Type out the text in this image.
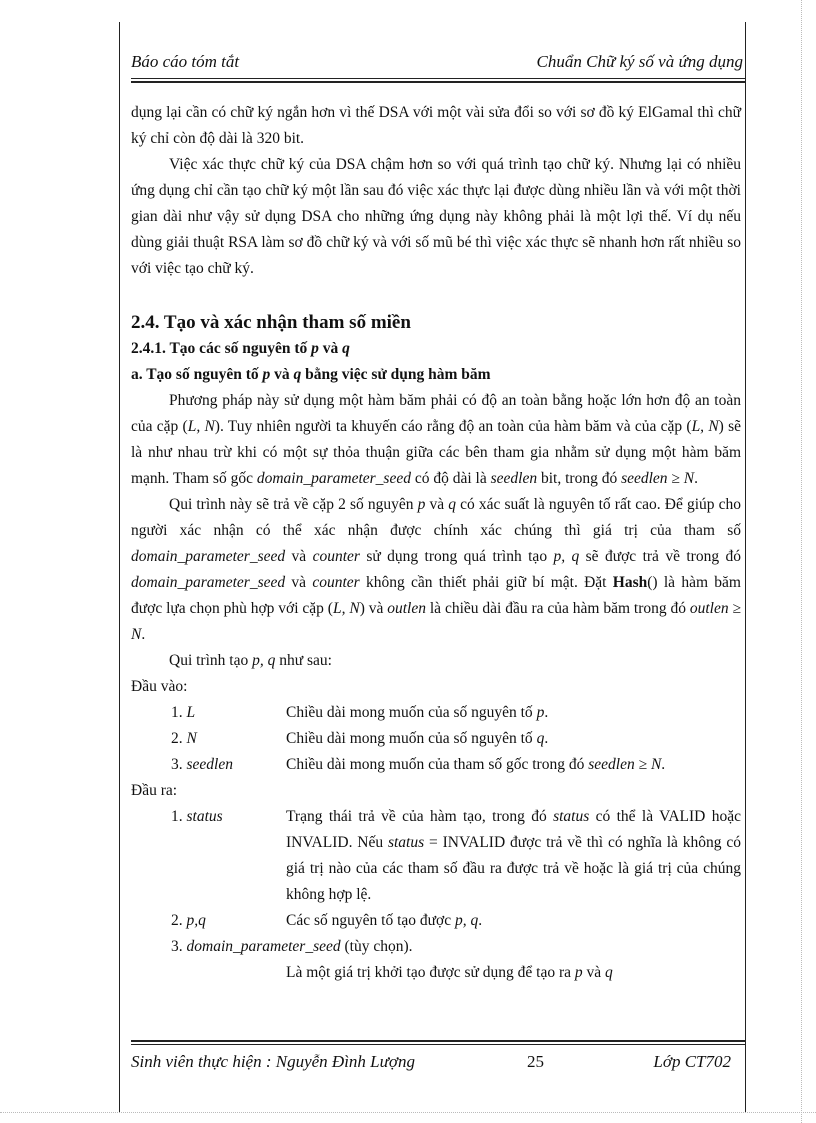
Báo cáo tóm tắt	Chuẩn Chữ ký số và ứng dụng

dụng lại cần có chữ ký ngắn hơn vì thế DSA với một vài sửa đổi so với sơ đồ ký ElGamal thì chữ ký chỉ còn độ dài là 320 bit.

Việc xác thực chữ ký của DSA chậm hơn so với quá trình tạo chữ ký. Nhưng lại có nhiều ứng dụng chỉ cần tạo chữ ký một lần sau đó việc xác thực lại được dùng nhiều lần và với một thời gian dài như vậy sử dụng DSA cho những ứng dụng này không phải là một lợi thế. Ví dụ nếu dùng giải thuật RSA làm sơ đồ chữ ký và với số mũ bé thì việc xác thực sẽ nhanh hơn rất nhiều so với việc tạo chữ ký.

2.4. Tạo và xác nhận tham số miền
2.4.1. Tạo các số nguyên tố p và q
a. Tạo số nguyên tố p và q bằng việc sử dụng hàm băm

Phương pháp này sử dụng một hàm băm phải có độ an toàn bằng hoặc lớn hơn độ an toàn của cặp (L, N). Tuy nhiên người ta khuyến cáo rằng độ an toàn của hàm băm và của cặp (L, N) sẽ là như nhau trừ khi có một sự thỏa thuận giữa các bên tham gia nhằm sử dụng một hàm băm mạnh. Tham số gốc domain_parameter_seed có độ dài là seedlen bit, trong đó seedlen ≥ N.

Qui trình này sẽ trả về cặp 2 số nguyên p và q có xác suất là nguyên tố rất cao. Để giúp cho người xác nhận có thể xác nhận được chính xác chúng thì giá trị của tham số domain_parameter_seed và counter sử dụng trong quá trình tạo p, q sẽ được trả về trong đó domain_parameter_seed và counter không cần thiết phải giữ bí mật. Đặt Hash() là hàm băm được lựa chọn phù hợp với cặp (L, N) và outlen là chiều dài đầu ra của hàm băm trong đó outlen ≥ N.

Qui trình tạo p, q như sau:

Đầu vào:
1. L	Chiều dài mong muốn của số nguyên tố p.
2. N	Chiều dài mong muốn của số nguyên tố q.
3. seedlen	Chiều dài mong muốn của tham số gốc trong đó seedlen ≥ N.
Đầu ra:
1. status	Trạng thái trả về của hàm tạo, trong đó status có thể là VALID hoặc INVALID. Nếu status = INVALID được trả về thì có nghĩa là không có giá trị nào của các tham số đầu ra được trả về hoặc là giá trị của chúng không hợp lệ.
2. p,q	Các số nguyên tố tạo được p, q.
3. domain_parameter_seed (tùy chọn).
Là một giá trị khởi tạo được sử dụng để tạo ra p và q
Sinh viên thực hiện : Nguyễn Đình Lượng	25	Lớp CT702
